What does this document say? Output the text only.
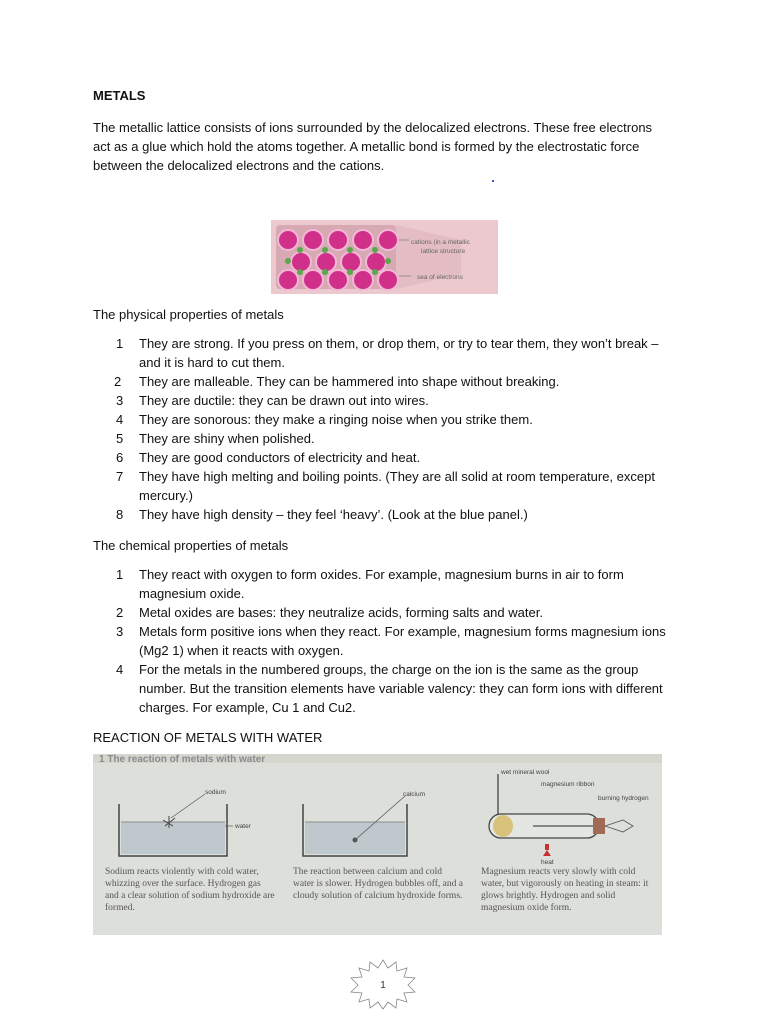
METALS
The metallic lattice consists of ions surrounded by the delocalized electrons. These free electrons act as a glue which hold the atoms together. A metallic bond is formed by the electrostatic force between the delocalized electrons and the cations.
cations (in a metallic
lattice structure
sea of electrons
The physical properties of metals
1 They are strong. If you press on them, or drop them, or try to tear them, they won’t break – and it is hard to cut them.
2 They are malleable. They can be hammered into shape without breaking.
3 They are ductile: they can be drawn out into wires.
4 They are sonorous: they make a ringing noise when you strike them.
5 They are shiny when polished.
6 They are good conductors of electricity and heat.
7 They have high melting and boiling points. (They are all solid at room temperature, except mercury.)
8 They have high density – they feel ‘heavy’. (Look at the blue panel.)
The chemical properties of metals
1 They react with oxygen to form oxides. For example, magnesium burns in air to form magnesium oxide.
2 Metal oxides are bases: they neutralize acids, forming salts and water.
3 Metals form positive ions when they react. For example, magnesium forms magnesium ions (Mg2 1) when it reacts with oxygen.
4 For the metals in the numbered groups, the charge on the ion is the same as the group number. But the transition elements have variable valency: they can form ions with different charges. For example, Cu 1 and Cu2.
REACTION OF METALS WITH WATER
1 The reaction of metals with water
sodium
water
calcium
wet mineral wool
magnesium ribbon
burning hydrogen
heat
Sodium reacts violently with cold water, whizzing over the surface. Hydrogen gas and a clear solution of sodium hydroxide are formed.
The reaction between calcium and cold water is slower. Hydrogen bubbles off, and a cloudy solution of calcium hydroxide forms.
Magnesium reacts very slowly with cold water, but vigorously on heating in steam: it glows brightly. Hydrogen and solid magnesium oxide form.
1
